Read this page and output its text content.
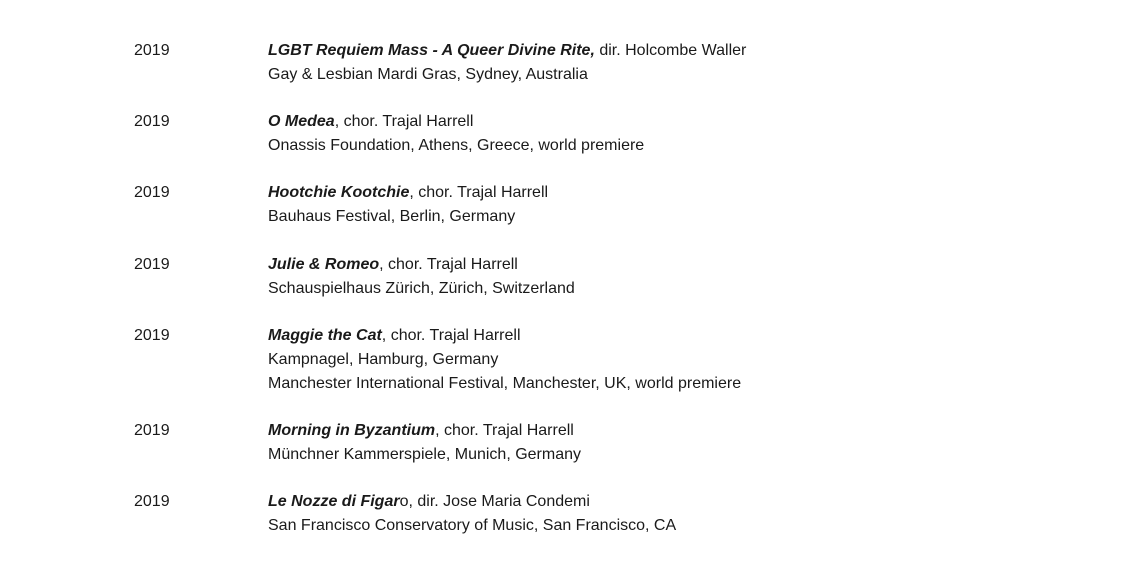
2019	LGBT Requiem Mass - A Queer Divine Rite, dir. Holcombe Waller
Gay & Lesbian Mardi Gras, Sydney, Australia
2019	O Medea, chor. Trajal Harrell
Onassis Foundation, Athens, Greece, world premiere
2019	Hootchie Kootchie, chor. Trajal Harrell
Bauhaus Festival, Berlin, Germany
2019	Julie & Romeo, chor. Trajal Harrell
Schauspielhaus Zürich, Zürich, Switzerland
2019	Maggie the Cat, chor. Trajal Harrell
Kampnagel, Hamburg, Germany
Manchester International Festival, Manchester, UK, world premiere
2019	Morning in Byzantium, chor. Trajal Harrell
Münchner Kammerspiele, Munich, Germany
2019	Le Nozze di Figaro, dir. Jose Maria Condemi
San Francisco Conservatory of Music, San Francisco, CA
